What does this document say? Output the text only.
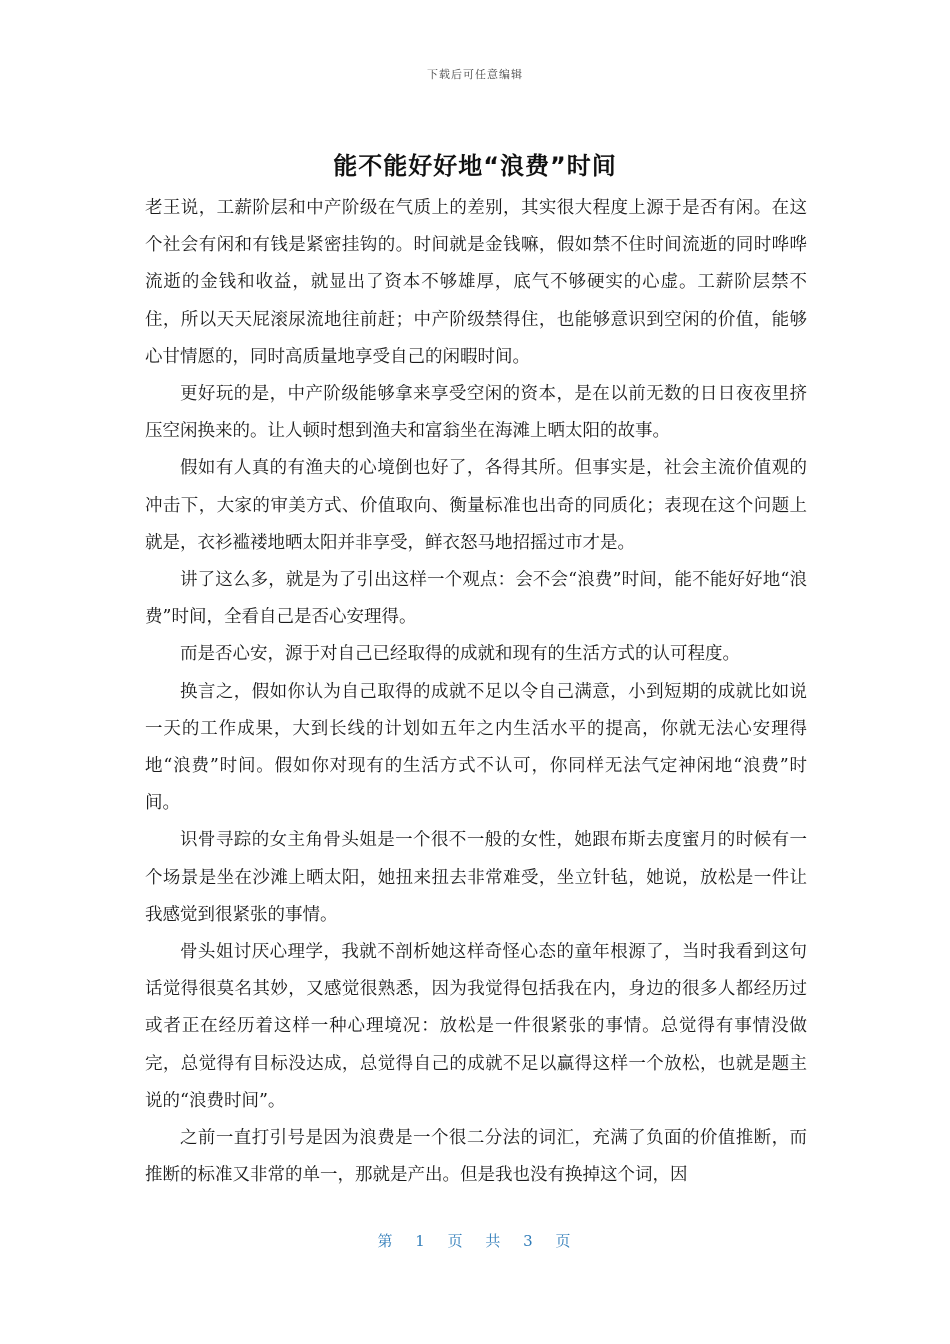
下载后可任意编辑
能不能好好地“浪费”时间

老王说，工薪阶层和中产阶级在气质上的差别，其实很大程度上源于是否有闲。在这个社会有闲和有钱是紧密挂钩的。时间就是金钱嘛，假如禁不住时间流逝的同时哗哗流逝的金钱和收益，就显出了资本不够雄厚，底气不够硬实的心虚。工薪阶层禁不住，所以天天屁滚尿流地往前赶；中产阶级禁得住，也能够意识到空闲的价值，能够心甘情愿的，同时高质量地享受自己的闲暇时间。

更好玩的是，中产阶级能够拿来享受空闲的资本，是在以前无数的日日夜夜里挤压空闲换来的。让人顿时想到渔夫和富翁坐在海滩上晒太阳的故事。

假如有人真的有渔夫的心境倒也好了，各得其所。但事实是，社会主流价值观的冲击下，大家的审美方式、价值取向、衡量标准也出奇的同质化；表现在这个问题上就是，衣衫褴褛地晒太阳并非享受，鲜衣怒马地招摇过市才是。

讲了这么多，就是为了引出这样一个观点：会不会“浪费”时间，能不能好好地“浪费”时间，全看自己是否心安理得。

而是否心安，源于对自己已经取得的成就和现有的生活方式的认可程度。

换言之，假如你认为自己取得的成就不足以令自己满意，小到短期的成就比如说一天的工作成果，大到长线的计划如五年之内生活水平的提高，你就无法心安理得地“浪费”时间。假如你对现有的生活方式不认可，你同样无法气定神闲地“浪费”时间。

识骨寻踪的女主角骨头姐是一个很不一般的女性，她跟布斯去度蜜月的时候有一个场景是坐在沙滩上晒太阳，她扭来扭去非常难受，坐立针毡，她说，放松是一件让我感觉到很紧张的事情。

骨头姐讨厌心理学，我就不剖析她这样奇怪心态的童年根源了，当时我看到这句话觉得很莫名其妙，又感觉很熟悉，因为我觉得包括我在内，身边的很多人都经历过或者正在经历着这样一种心理境况：放松是一件很紧张的事情。总觉得有事情没做完，总觉得有目标没达成，总觉得自己的成就不足以赢得这样一个放松，也就是题主说的“浪费时间”。

之前一直打引号是因为浪费是一个很二分法的词汇，充满了负面的价值推断，而推断的标准又非常的单一，那就是产出。但是我也没有换掉这个词，因

第 1 页 共 3 页
